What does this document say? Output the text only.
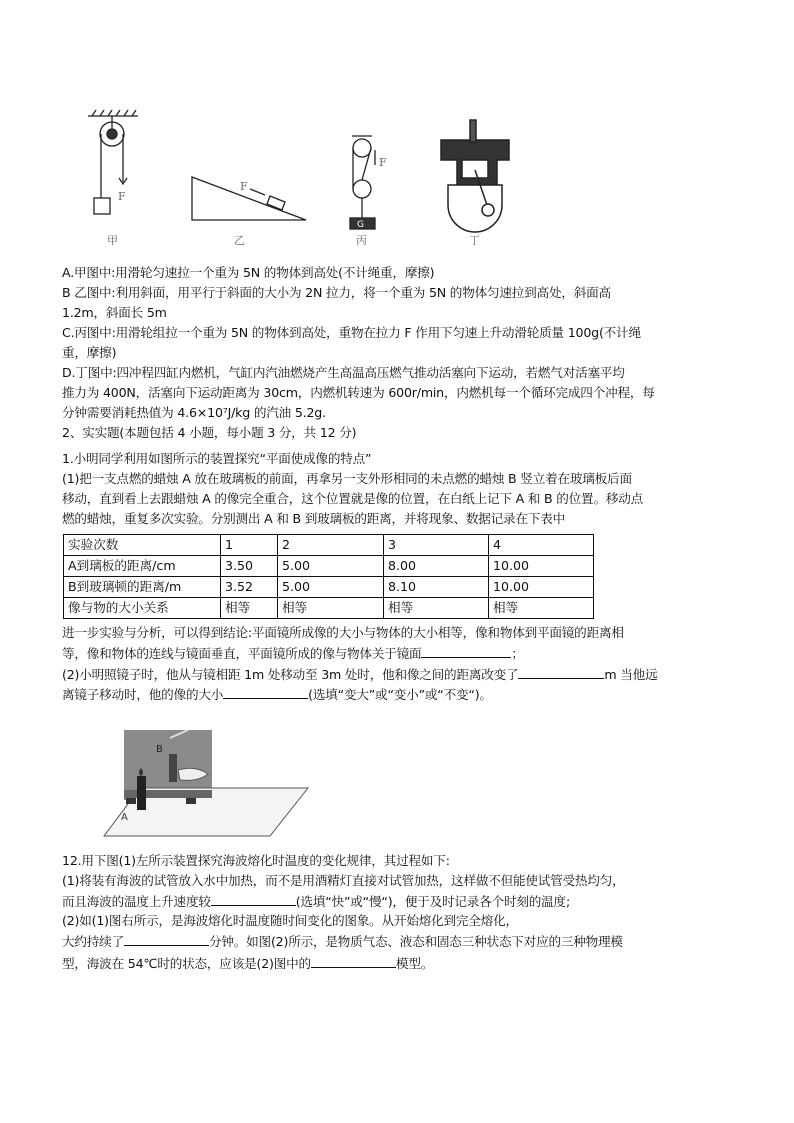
F
F
F
G
甲	乙	丙	丁
A.甲图中:用滑轮匀速拉一个重为 5N 的物体到高处(不计绳重，摩擦)
B 乙图中:利用斜面，用平行于斜面的大小为 2N 拉力，将一个重为 5N 的物体匀速拉到高处，斜面高
1.2m，斜面长 5m
C.丙图中:用滑轮组拉一个重为 5N 的物体到高处，重物在拉力 F 作用下匀速上升动滑轮质量 100g(不计绳
重，摩擦)
D.丁图中:四冲程四缸内燃机，气缸内汽油燃烧产生高温高压燃气推动活塞向下运动，若燃气对活塞平均
推力为 400N，活塞向下运动距离为 30cm，内燃机转速为 600r/min，内燃机每一个循环完成四个冲程，每
分钟需要消耗热值为 4.6×10⁷J/kg 的汽油 5.2g.
2、实实题(本题包括 4 小题，每小题 3 分，共 12 分)
1.小明同学利用如图所示的装置探究“平面使成像的特点”
(1)把一支点燃的蜡烛 A 放在玻璃板的前面，再拿另一支外形相同的未点燃的蜡烛 B 竖立着在玻璃板后面
移动，直到看上去跟蜡烛 A 的像完全重合，这个位置就是像的位置，在白纸上记下 A 和 B 的位置。移动点
燃的蜡烛，重复多次实验。分别测出 A 和 B 到玻璃板的距离，并将现象、数据记录在下表中
实验次数	1	2	3	4
A到璃板的距离/cm	3.50	5.00	8.00	10.00
B到玻璃顿的距离/m	3.52	5.00	8.10	10.00
像与物的大小关系	相等	相等	相等	相等
进一步实验与分析，可以得到结论:平面镜所成像的大小与物体的大小相等，像和物体到平面镜的距离相
等，像和物体的连线与镜面垂直，平面镜所成的像与物体关于镜面	；
(2)小明照镜子时，他从与镜相距 1m 处移动至 3m 处时，他和像之间的距离改变了	m 当他远
离镜子移动时，他的像的大小	(选填“变大”或“变小”或“不变“)。
A
B
12.用下图(1)左所示装置探究海波熔化时温度的变化规律，其过程如下:
(1)将装有海波的试管放入水中加热，而不是用酒精灯直接对试管加热，这样做不但能使试管受热均匀，
而且海波的温度上升速度较	(选填“快”或“慢“)，便于及时记录各个时刻的温度;
(2)如(1)图右所示，是海波熔化时温度随时间变化的图象。从开始熔化到完全熔化，
大约持续了	分钟。如图(2)所示，是物质气态、液态和固态三种状态下对应的三种物理模
型，海波在 54℃时的状态，应该是(2)图中的	模型。
